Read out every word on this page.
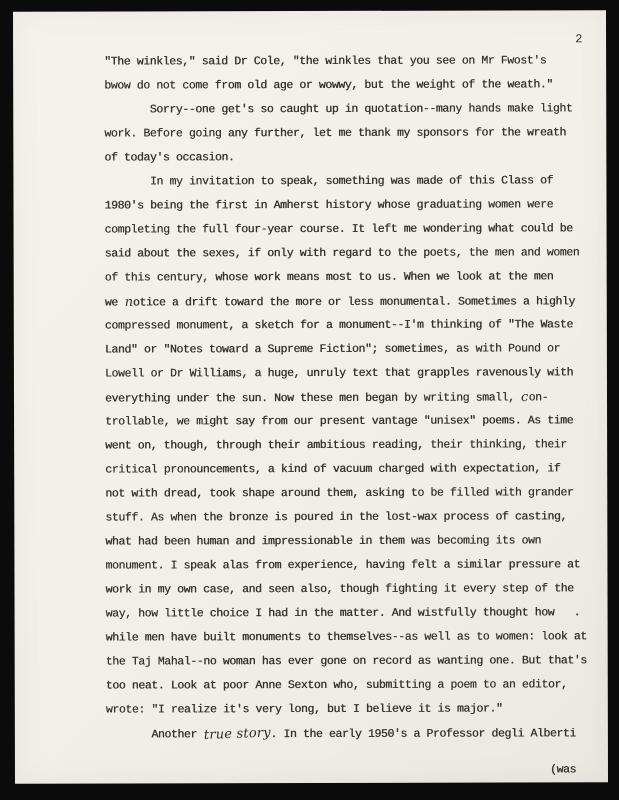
2
"The winkles," said Dr Cole, "the winkles that you see on Mr Fwost's
bwow do not come from old age or wowwy, but the weight of the weath."
Sorry--one get's so caught up in quotation--many hands make light
work. Before going any further, let me thank my sponsors for the wreath
of today's occasion.
In my invitation to speak, something was made of this Class of
1980's being the first in Amherst history whose graduating women were
completing the full four-year course. It left me wondering what could be
said about the sexes, if only with regard to the poets, the men and women
of this century, whose work means most to us. When we look at the men
we notice a drift toward the more or less monumental. Sometimes a highly
compressed monument, a sketch for a monument--I'm thinking of "The Waste
Land" or "Notes toward a Supreme Fiction"; sometimes, as with Pound or
Lowell or Dr Williams, a huge, unruly text that grapples ravenously with
everything under the sun. Now these men began by writing small, con-
trollable, we might say from our present vantage "unisex" poems. As time
went on, though, through their ambitious reading, their thinking, their
critical pronouncements, a kind of vacuum charged with expectation, if
not with dread, took shape around them, asking to be filled with grander
stuff. As when the bronze is poured in the lost-wax process of casting,
what had been human and impressionable in them was becoming its own
monument. I speak alas from experience, having felt a similar pressure at
work in my own case, and seen also, though fighting it every step of the
way, how little choice I had in the matter. And wistfully thought how   .
while men have built monuments to themselves--as well as to women: look at
the Taj Mahal--no woman has ever gone on record as wanting one. But that's
too neat. Look at poor Anne Sexton who, submitting a poem to an editor,
wrote: "I realize it's very long, but I believe it is major."
Another true story. In the early 1950's a Professor degli Alberti
(was
